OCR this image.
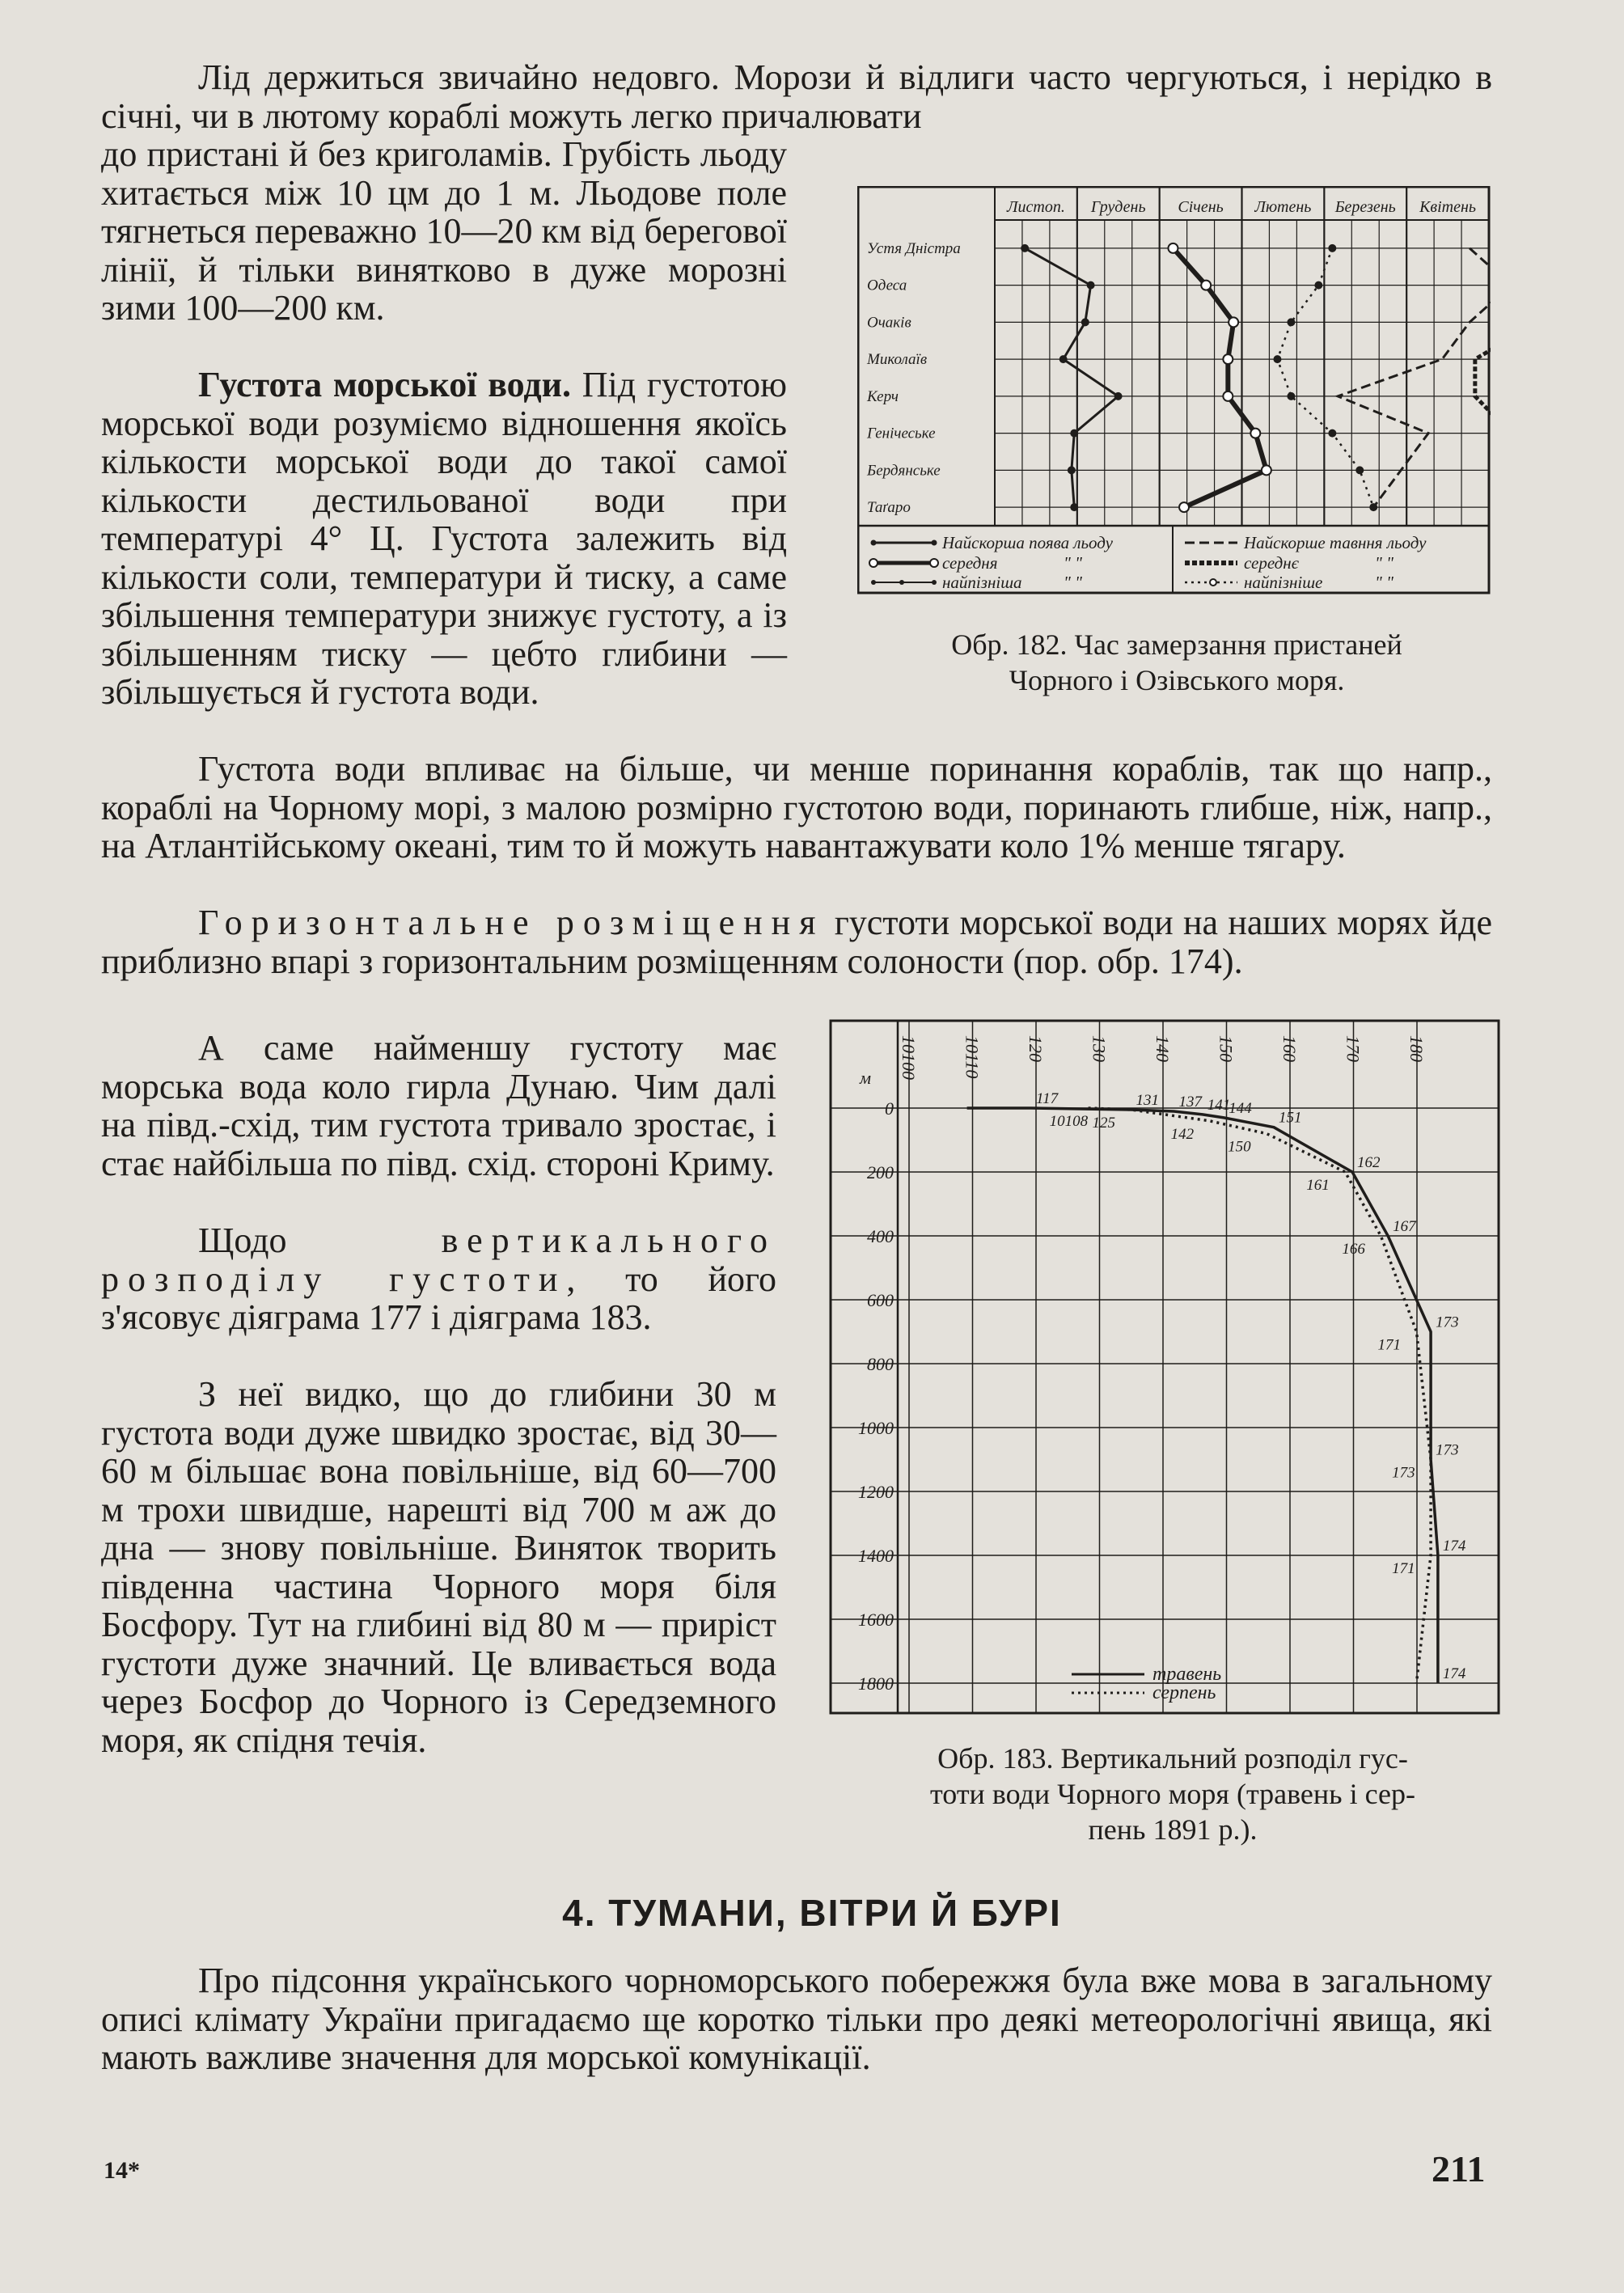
Лід держиться звичайно недовго. Морози й відлиги часто чергуються, і нерідко в січні, чи в лютому кораблі можуть легко причалювати

до пристані й без криголамів. Грубість льоду хитається між 10 цм до 1 м. Льодове поле тягнеться переважно 10—20 км від берегової лінії, й тільки винятково в дуже морозні зими 100—200 км.

Густота морської води. Під густотою морської води розуміємо відношення якоїсь кількости морської води до такої самої кількости дестильованої води при температурі 4° Ц. Густота залежить від кількости соли, температури й тиску, а саме збільшення температури знижує густоту, а із збільшенням тиску — цебто глибини — збільшується й густота води.

Листоп. Грудень Січень Лютень Березень Квітень
Устя Дністра
Одеса
Очаків
Миколаїв
Керч
Генічеське
Бердянське
Таґаро
Найскорша поява льоду
середня	" "
найпізніша " "
Найскорше тавння льоду
середнє	" "
найпізніше	" "
Обр. 182. Час замерзання пристаней
Чорного і Озівського моря.

Густота води впливає на більше, чи менше поринання кораблів, так що напр., кораблі на Чорному морі, з малою розмірно густотою води, поринають глибше, ніж, напр., на Атлантійському океані, тим то й можуть навантажувати коло 1% менше тягару.

Горизонтальне розміщення густоти морської води на наших морях йде приблизно впарі з горизонтальним розміщенням солоности (пор. обр. 174).

А саме найменшу густоту має морська вода коло гирла Дунаю. Чим далі на півд.-схід, тим густота тривало зростає, і стає найбільша по півд. схід. стороні Криму.

Щодо вертикального розподілу густоти, то його з'ясовує діяграма 177 і діяграма 183.

З неї видко, що до глибини 30 м густота води дуже швидко зростає, від 30—60 м більшає вона повільніше, від 60—700 м трохи швидше, нарешті від 700 м аж до дна — знову повільніше. Виняток творить південна частина Чорного моря біля Босфору. Тут на глибині від 80 м — приріст густоти дуже значний. Це вливається вода через Босфор до Чорного із Середземного моря, як спідня течія.

10100 10110 120 130 140 150 160 170 180
0
200
400
600
800
1000
1200
1400
1600
1800
м
117	131 137 141
144
151
162
167
173
173
174
174
10108 125
142
150
161
166
171
173
171
травень
серпень
Обр. 183. Вертикальний розподіл гус-
тоти води Чорного моря (травень і сер-
пень 1891 р.).
4. ТУМАНИ, ВІТРИ Й БУРІ

Про підсоння українського чорноморського побережжя була вже мова в загальному описі клімату України пригадаємо ще коротко тільки про деякі метеорологічні явища, які мають важливе значення для морської комунікації.

14*	211
